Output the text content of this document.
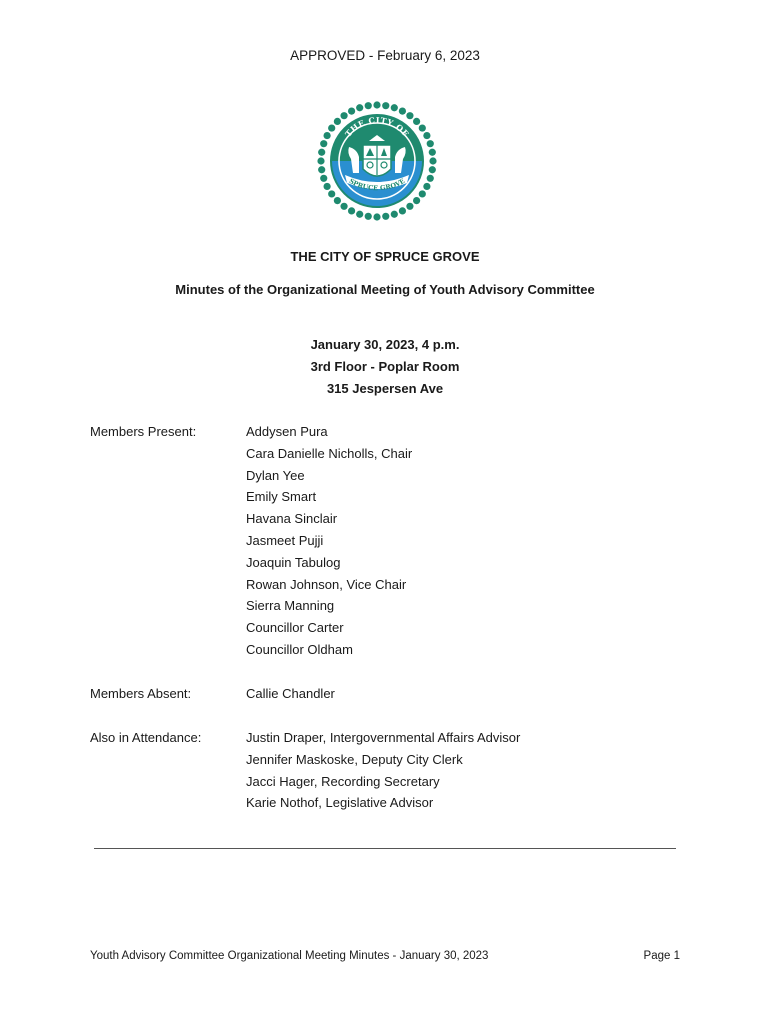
APPROVED - February 6, 2023
THE CITY OF
SPRUCE GROVE
THE CITY OF SPRUCE GROVE
Minutes of the Organizational Meeting of Youth Advisory Committee
January 30, 2023, 4 p.m.
3rd Floor - Poplar Room
315 Jespersen Ave
Members Present:	Addysen Pura
Cara Danielle Nicholls, Chair
Dylan Yee
Emily Smart
Havana Sinclair
Jasmeet Pujji
Joaquin Tabulog
Rowan Johnson, Vice Chair
Sierra Manning
Councillor Carter
Councillor Oldham
Members Absent:	Callie Chandler
Also in Attendance:	Justin Draper, Intergovernmental Affairs Advisor
Jennifer Maskoske, Deputy City Clerk
Jacci Hager, Recording Secretary
Karie Nothof, Legislative Advisor
Youth Advisory Committee Organizational Meeting Minutes - January 30, 2023	Page 1
